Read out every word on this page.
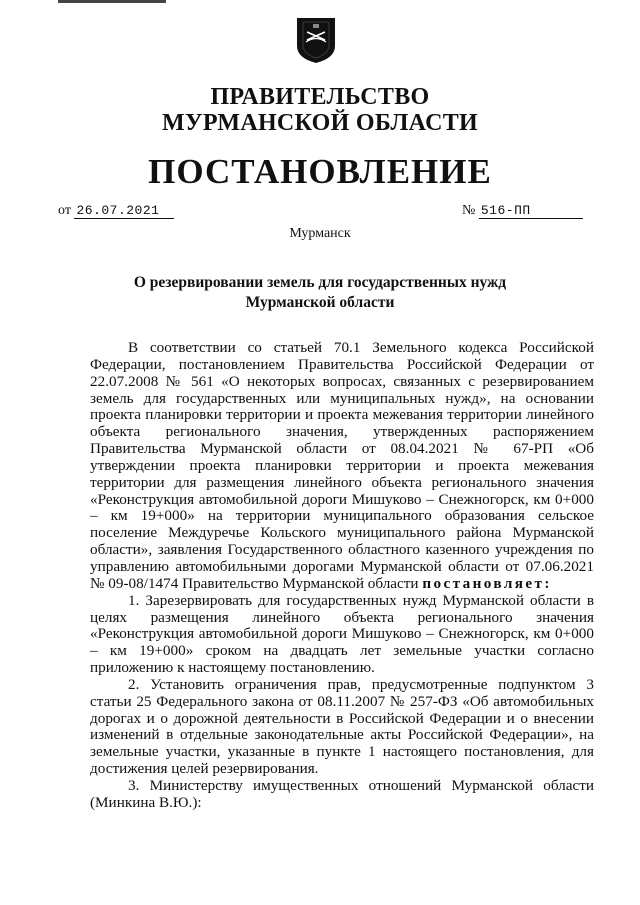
ПРАВИТЕЛЬСТВО
МУРМАНСКОЙ ОБЛАСТИ
ПОСТАНОВЛЕНИЕ
от 26.07.2021	№ 516-ПП
Мурманск
О резервировании земель для государственных нужд
Мурманской области

В соответствии со статьей 70.1 Земельного кодекса Российской Федерации, постановлением Правительства Российской Федерации от 22.07.2008 № 561 «О некоторых вопросах, связанных с резервированием земель для государственных или муниципальных нужд», на основании проекта планировки территории и проекта межевания территории линейного объекта регионального значения, утвержденных распоряжением Правительства Мурманской области от 08.04.2021 № 67-РП «Об утверждении проекта планировки территории и проекта межевания территории для размещения линейного объекта регионального значения «Реконструкция автомобильной дороги Мишуково – Снежногорск, км 0+000 – км 19+000» на территории муниципального образования сельское поселение Междуречье Кольского муниципального района Мурманской области», заявления Государственного областного казенного учреждения по управлению автомобильными дорогами Мурманской области от 07.06.2021 № 09-08/1474 Правительство Мурманской области постановляет:

1. Зарезервировать для государственных нужд Мурманской области в целях размещения линейного объекта регионального значения «Реконструкция автомобильной дороги Мишуково – Снежногорск, км 0+000 – км 19+000» сроком на двадцать лет земельные участки согласно приложению к настоящему постановлению.

2. Установить ограничения прав, предусмотренные подпунктом 3 статьи 25 Федерального закона от 08.11.2007 № 257-ФЗ «Об автомобильных дорогах и о дорожной деятельности в Российской Федерации и о внесении изменений в отдельные законодательные акты Российской Федерации», на земельные участки, указанные в пункте 1 настоящего постановления, для достижения целей резервирования.

3. Министерству имущественных отношений Мурманской области (Минкина В.Ю.):
